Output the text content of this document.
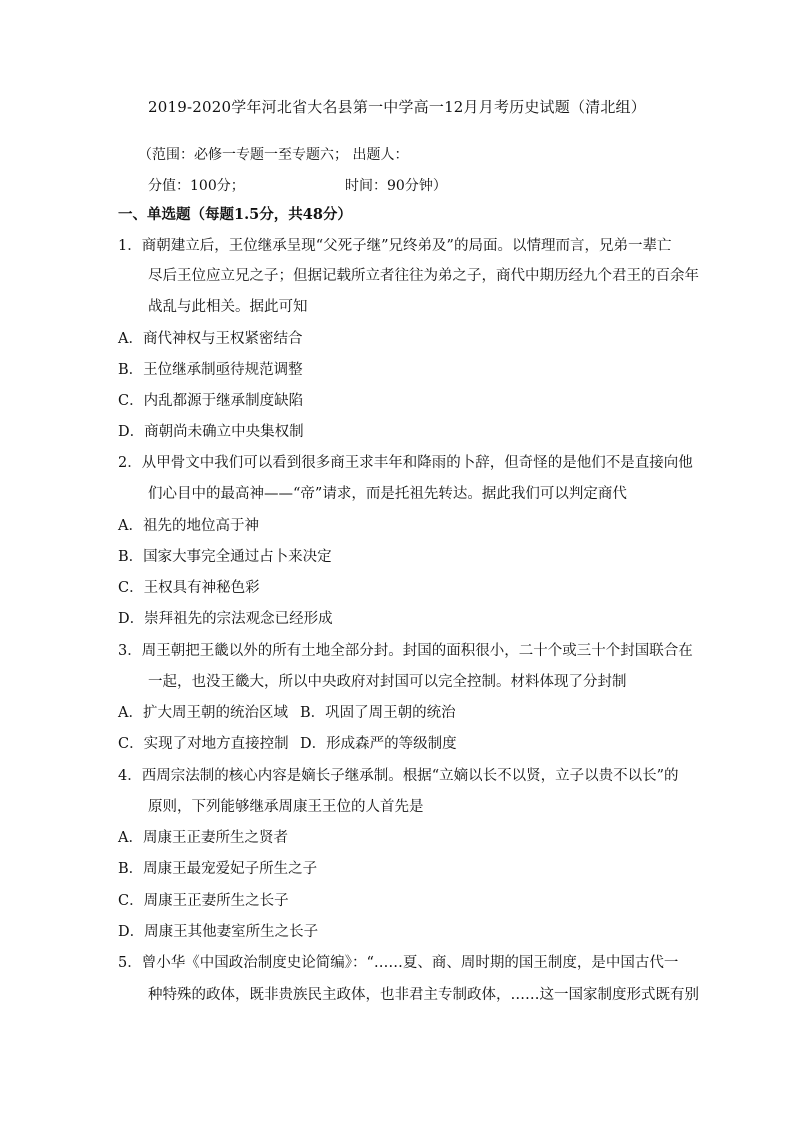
2019-2020学年河北省大名县第一中学高一12月月考历史试题（清北组）
（范围：必修一专题一至专题六； 出题人：
分值：100分；	时间：90分钟）
一、单选题（每题1.5分，共48分）
1．商朝建立后，王位继承呈现“父死子继”兄终弟及”的局面。以情理而言，兄弟一辈亡
尽后王位应立兄之子；但据记载所立者往往为弟之子，商代中期历经九个君王的百余年
战乱与此相关。据此可知
A．商代神权与王权紧密结合
B．王位继承制亟待规范调整
C．内乱都源于继承制度缺陷
D．商朝尚未确立中央集权制
2．从甲骨文中我们可以看到很多商王求丰年和降雨的卜辞，但奇怪的是他们不是直接向他
们心目中的最高神——“帝”请求，而是托祖先转达。据此我们可以判定商代
A．祖先的地位高于神
B．国家大事完全通过占卜来决定
C．王权具有神秘色彩
D．崇拜祖先的宗法观念已经形成
3．周王朝把王畿以外的所有土地全部分封。封国的面积很小，二十个或三十个封国联合在
一起，也没王畿大，所以中央政府对封国可以完全控制。材料体现了分封制
A．扩大周王朝的统治区域 B．巩固了周王朝的统治
C．实现了对地方直接控制 D．形成森严的等级制度
4．西周宗法制的核心内容是嫡长子继承制。根据“立嫡以长不以贤，立子以贵不以长”的
原则，下列能够继承周康王王位的人首先是
A．周康王正妻所生之贤者
B．周康王最宠爱妃子所生之子
C．周康王正妻所生之长子
D．周康王其他妻室所生之长子
5．曾小华《中国政治制度史论简编》：“……夏、商、周时期的国王制度，是中国古代一
种特殊的政体，既非贵族民主政体，也非君主专制政体，……这一国家制度形式既有别
